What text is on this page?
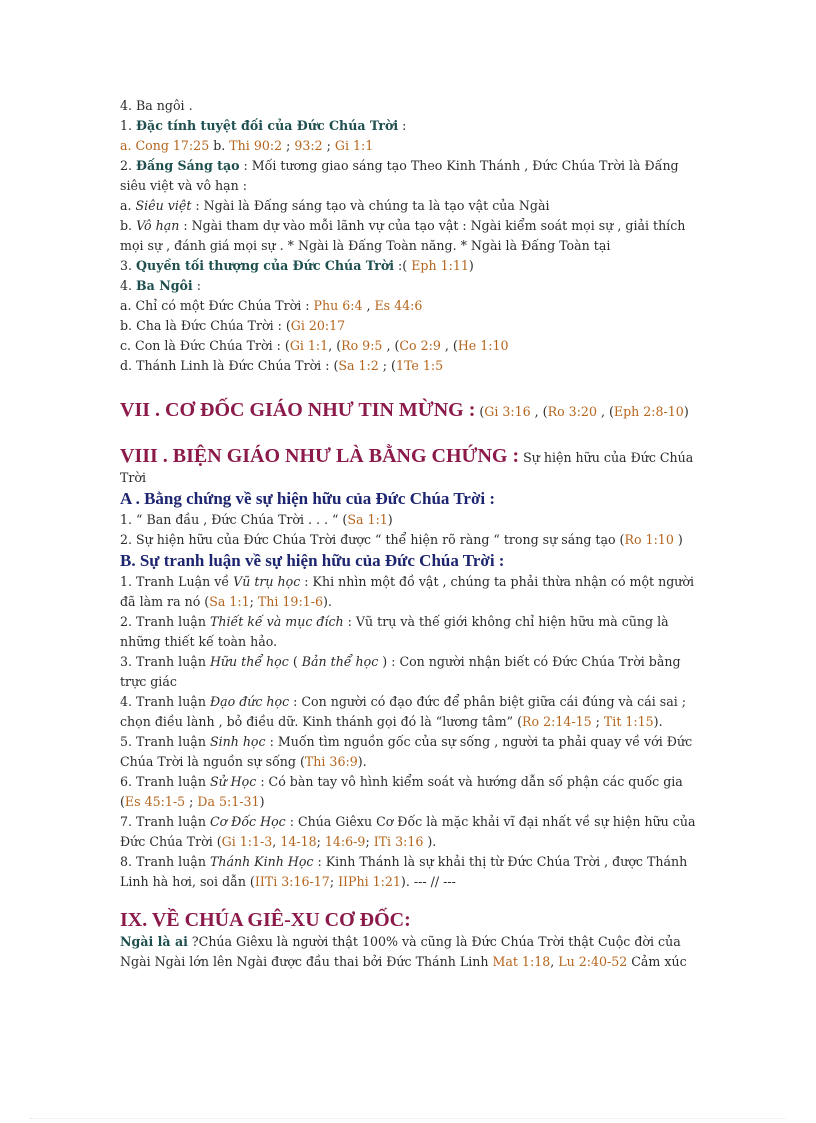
4. Ba ngôi .

1. Đặc tính tuyệt đối của Đức Chúa Trời :

a. Cong 17:25 b. Thi 90:2 ; 93:2 ; Gi 1:1

2. Đấng Sáng tạo : Mối tương giao sáng tạo Theo Kinh Thánh , Đức Chúa Trời là Đấng siêu việt và vô hạn :

a. Siêu việt : Ngài là Đấng sáng tạo và chúng ta là tạo vật của Ngài

b. Vô hạn : Ngài tham dự vào mỗi lãnh vự của tạo vật : Ngài kiểm soát mọi sự , giải thích mọi sự , đánh giá mọi sự . * Ngài là Đấng Toàn năng. * Ngài là Đấng Toàn tại

3. Quyền tối thượng của Đức Chúa Trời :( Eph 1:11)

4. Ba Ngôi :

a. Chỉ có một Đức Chúa Trời : Phu 6:4 , Es 44:6

b. Cha là Đức Chúa Trời : (Gi 20:17

c. Con là Đức Chúa Trời : (Gi 1:1, (Ro 9:5 , (Co 2:9 , (He 1:10

d. Thánh Linh là Đức Chúa Trời : (Sa 1:2 ; (1Te 1:5

VII . CƠ ĐỐC GIÁO NHƯ TIN MỪNG : (Gi 3:16 , (Ro 3:20 , (Eph 2:8-10)

VIII . BIỆN GIÁO NHƯ LÀ BẰNG CHỨNG : Sự hiện hữu của Đức Chúa Trời

A . Bằng chứng về sự hiện hữu của Đức Chúa Trời :

1. “ Ban đầu , Đức Chúa Trời . . . “ (Sa 1:1)

2. Sự hiện hữu của Đức Chúa Trời được “ thể hiện rõ ràng “ trong sự sáng tạo (Ro 1:10 )

B. Sự tranh luận về sự hiện hữu của Đức Chúa Trời :

1. Tranh Luận về Vũ trụ học : Khi nhìn một đồ vật , chúng ta phải thừa nhận có một người đã làm ra nó (Sa 1:1; Thi 19:1-6).

2. Tranh luận Thiết kế và mục đích : Vũ trụ và thế giới không chỉ hiện hữu mà cũng là những thiết kế toàn hảo.

3. Tranh luận Hữu thể học ( Bản thể học ) : Con người nhận biết có Đức Chúa Trời bằng trực giác

4. Tranh luận Đạo đức học : Con người có đạo đức để phân biệt giữa cái đúng và cái sai ; chọn điều lành , bỏ điều dữ. Kinh thánh gọi đó là “lương tâm” (Ro 2:14-15 ; Tit 1:15).

5. Tranh luận Sinh học : Muốn tìm nguồn gốc của sự sống , người ta phải quay về với Đức Chúa Trời là nguồn sự sống (Thi 36:9).

6. Tranh luận Sử Học : Có bàn tay vô hình kiểm soát và hướng dẫn số phận các quốc gia (Es 45:1-5 ; Da 5:1-31)

7. Tranh luận Cơ Đốc Học : Chúa Giêxu Cơ Đốc là mặc khải vĩ đại nhất về sự hiện hữu của Đức Chúa Trời (Gi 1:1-3, 14-18; 14:6-9; ITi 3:16 ).

8. Tranh luận Thánh Kinh Học : Kinh Thánh là sự khải thị từ Đức Chúa Trời , được Thánh Linh hà hơi, soi dẫn (IITi 3:16-17; IIPhi 1:21). --- // ---

IX. VỀ CHÚA GIÊ-XU CƠ ĐỐC:

Ngài là ai ?Chúa Giêxu là người thật 100% và cũng là Đức Chúa Trời thật Cuộc đời của Ngài Ngài lớn lên Ngài được đầu thai bởi Đức Thánh Linh Mat 1:18, Lu 2:40-52 Cảm xúc
